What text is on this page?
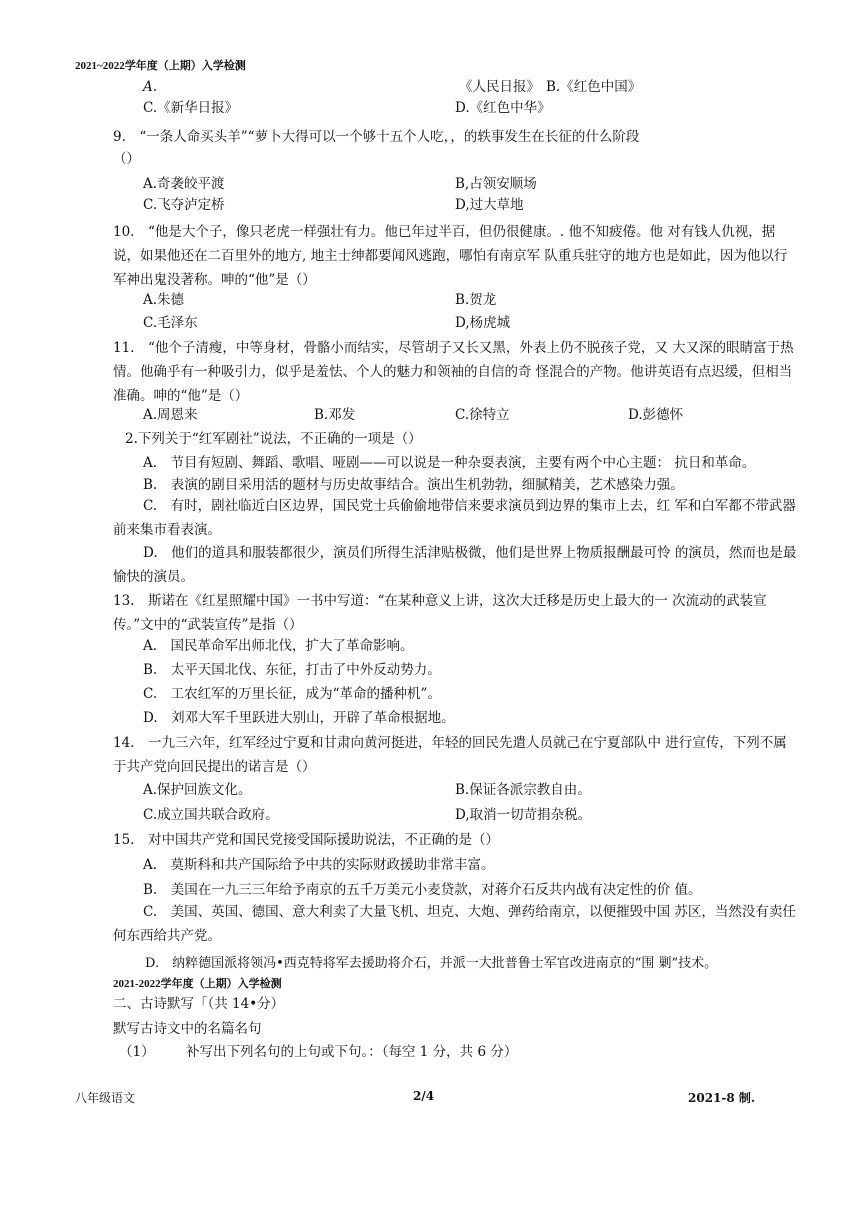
2021~2022学年度（上期）入学检测
A.	《人民日报》 B.《红色中国》
C.《新华日报》	D.《红色中华》
9.　“一条人命买头羊”“萝卜大得可以一个够十五个人吃，，的轶事发生在长征的什么阶段
（）
A.奇袭皎平渡	B,占领安顺场
C.飞夺泸定桥	D,过大草地
10.　“他是大个子，像只老虎一样强壮有力。他已年过半百，但仍很健康。. 他不知疲倦。他 对有钱人仇视，据说，如果他还在二百里外的地方, 地主士绅都要闻风逃跑，哪怕有南京军 队重兵驻守的地方也是如此，因为他以行军神出鬼没著称。呻的“他”是（）
A.朱德	B.贺龙
C.毛泽东	D,杨虎城
11.　“他个子清瘦，中等身材，骨骼小而结实，尽管胡子又长又黑，外表上仍不脱孩子党，又 大又深的眼睛富于热情。他确乎有一种吸引力，似乎是羞怯、个人的魅力和领袖的自信的奇 怪混合的产物。他讲英语有点迟缓，但相当准确。呻的“他”是（）
A.周恩来	B.邓发	C.徐特立	D.彭德怀
2.下列关于“红军剧社”说法，不正确的一项是（）
A.　节目有短剧、舞蹈、歌唱、哑剧——可以说是一种杂耍表演，主要有两个中心主题： 抗日和革命。
B.　表演的剧目采用活的题材与历史故事结合。演出生机勃勃，细腻精美，艺术感染力强。
C.　有时，剧社临近白区边界，国民党士兵偷偷地带信来要求演员到边界的集市上去，红 军和白军都不带武器前来集市看表演。
D.　他们的道具和服装都很少，演员们所得生活津贴极微，他们是世界上物质报酬最可怜 的演员，然而也是最愉快的演员。
13.　斯诺在《红星照耀中国》一书中写道：“在某种意义上讲，这次大迁移是历史上最大的一 次流动的武装宣传。”文中的“武装宣传”是指（）
A.　国民革命军出师北伐，扩大了革命影响。
B.　太平天国北伐、东征，打击了中外反动势力。
C.　工农红军的万里长征，成为“革命的播种机”。
D.　刘邓大军千里跃进大别山，开辟了革命根据地。
14.　一九三六年，红军经过宁夏和甘肃向黄河挺进，年轻的回民先遣人员就己在宁夏部队中 进行宣传，下列不属于共产党向回民提出的诺言是（）
A.保护回族文化。	B.保证各派宗教自由。
C.成立国共联合政府。	D,取消一切苛捐杂税。
15.　对中国共产党和国民党接受国际援助说法，不正确的是（）
A.　莫斯科和共产国际给予中共的实际财政援助非常丰富。
B.　美国在一九三三年给予南京的五千万美元小麦贷款，对蒋介石反共内战有决定性的价 值。
C.　美国、英国、德国、意大利卖了大量飞机、坦克、大炮、弹药给南京，以便摧毁中国 苏区，当然没有卖任何东西给共产党。
D.　纳粹德国派将领冯•西克特将军去援助将介石，并派一大批普鲁士军官改进南京的“围 剿”技术。
2021-2022学年度（上期）入学检测
二、古诗默写「（共 14•分）
默写古诗文中的名篇名句
（1） 补写出下列名句的上句或下句。：（每空 1 分，共 6 分）
八年级语文	2/4	2021-8 制.
